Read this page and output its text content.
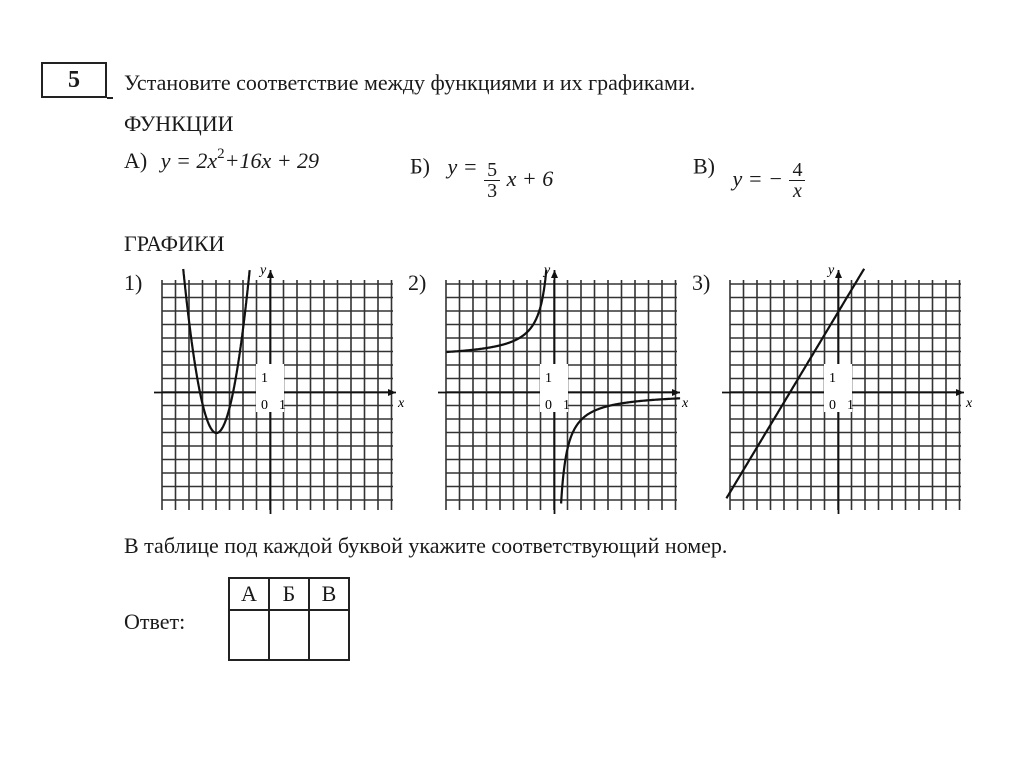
5	Установите соответствие между функциями и их графиками.
ФУНКЦИИ
А) $y = 2x^2+16x + 29$	Б) $y = \frac{5}{3}$ x + 6	В) y = − $\frac{4}{x}$
ГРАФИКИ
1)	2)	3)
y
x
1
0 1
y
x
1
0 1
y
x
1
0 1
В таблице под каждой буквой укажите соответствующий номер.
Ответ:
А	Б	В
